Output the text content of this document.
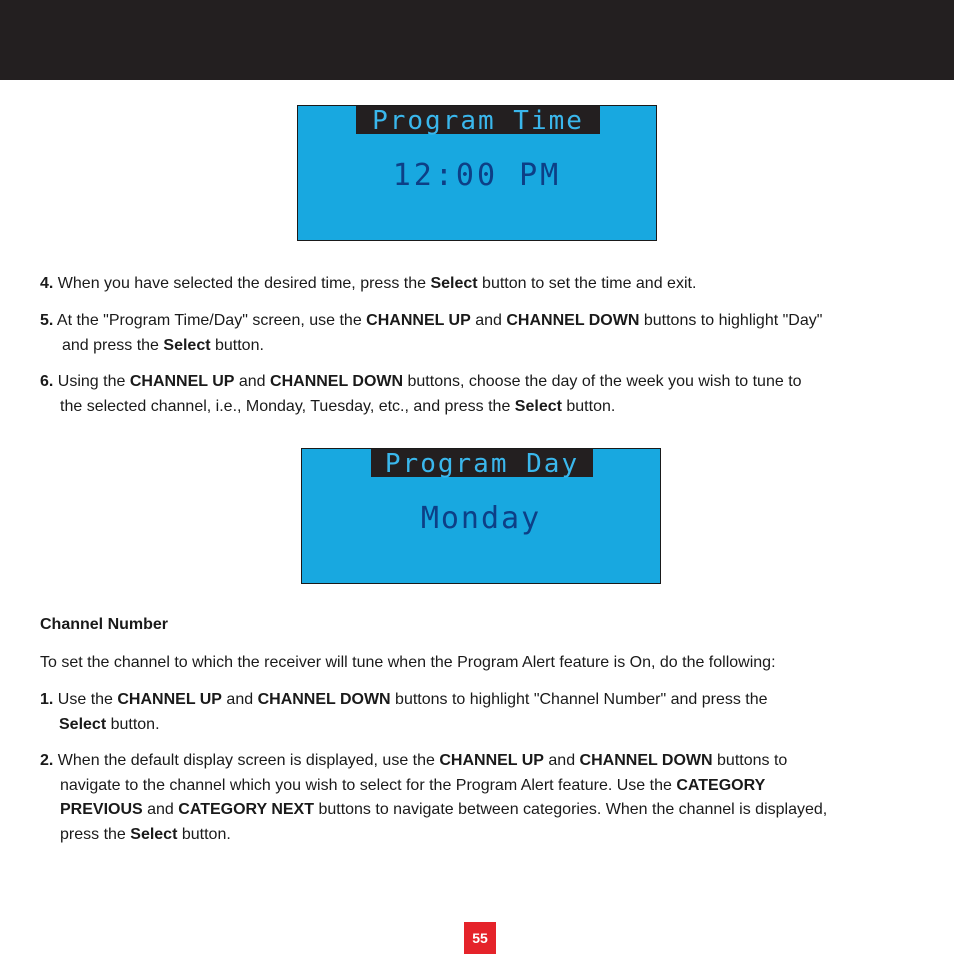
Program Time
12:00 PM

4. When you have selected the desired time, press the Select button to set the time and exit.

5. At the "Program Time/Day" screen, use the CHANNEL UP and CHANNEL DOWN buttons to highlight "Day"
and press the Select button.

6. Using the CHANNEL UP and CHANNEL DOWN buttons, choose the day of the week you wish to tune to
the selected channel, i.e., Monday, Tuesday, etc., and press the Select button.

Program Day
Monday

Channel Number

To set the channel to which the receiver will tune when the Program Alert feature is On, do the following:

1. Use the CHANNEL UP and CHANNEL DOWN buttons to highlight "Channel Number" and press the
Select button.

2. When the default display screen is displayed, use the CHANNEL UP and CHANNEL DOWN buttons to
navigate to the channel which you wish to select for the Program Alert feature. Use the CATEGORY
PREVIOUS and CATEGORY NEXT buttons to navigate between categories. When the channel is displayed,
press the Select button.

55
